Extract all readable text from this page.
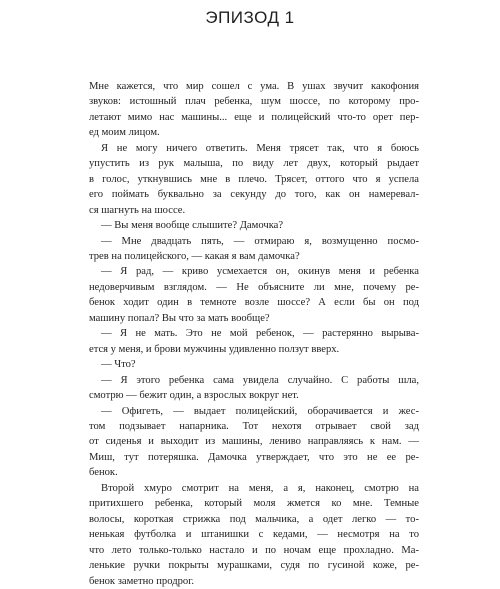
ЭПИЗОД 1
Мне кажется, что мир сошел с ума. В ушах звучит какофония
звуков: истошный плач ребенка, шум шоссе, по которому про-
летают мимо нас машины... еще и полицейский что-то орет пер-
ед моим лицом.
Я не могу ничего ответить. Меня трясет так, что я боюсь
упустить из рук малыша, по виду лет двух, который рыдает
в голос, уткнувшись мне в плечо. Трясет, оттого что я успела
его поймать буквально за секунду до того, как он намеревал-
ся шагнуть на шоссе.
— Вы меня вообще слышите? Дамочка?
— Мне двадцать пять, — отмираю я, возмущенно посмо-
трев на полицейского, — какая я вам дамочка?
— Я рад, — криво усмехается он, окинув меня и ребенка
недоверчивым взглядом. — Не объясните ли мне, почему ре-
бенок ходит один в темноте возле шоссе? А если бы он под
машину попал? Вы что за мать вообще?
— Я не мать. Это не мой ребенок, — растерянно вырыва-
ется у меня, и брови мужчины удивленно ползут вверх.
— Что?
— Я этого ребенка сама увидела случайно. С работы шла,
смотрю — бежит один, а взрослых вокруг нет.
— Офигеть, — выдает полицейский, оборачивается и жес-
том подзывает напарника. Тот нехотя отрывает свой зад
от сиденья и выходит из машины, лениво направляясь к нам. —
Миш, тут потеряшка. Дамочка утверждает, что это не ее ре-
бенок.
Второй хмуро смотрит на меня, а я, наконец, смотрю на
притихшего ребенка, который моля жмется ко мне. Темные
волосы, короткая стрижка под мальчика, а одет легко — то-
ненькая футболка и штанишки с кедами, — несмотря на то
что лето только-только настало и по ночам еще прохладно. Ма-
ленькие ручки покрыты мурашками, судя по гусиной коже, ре-
бенок заметно продрог.
